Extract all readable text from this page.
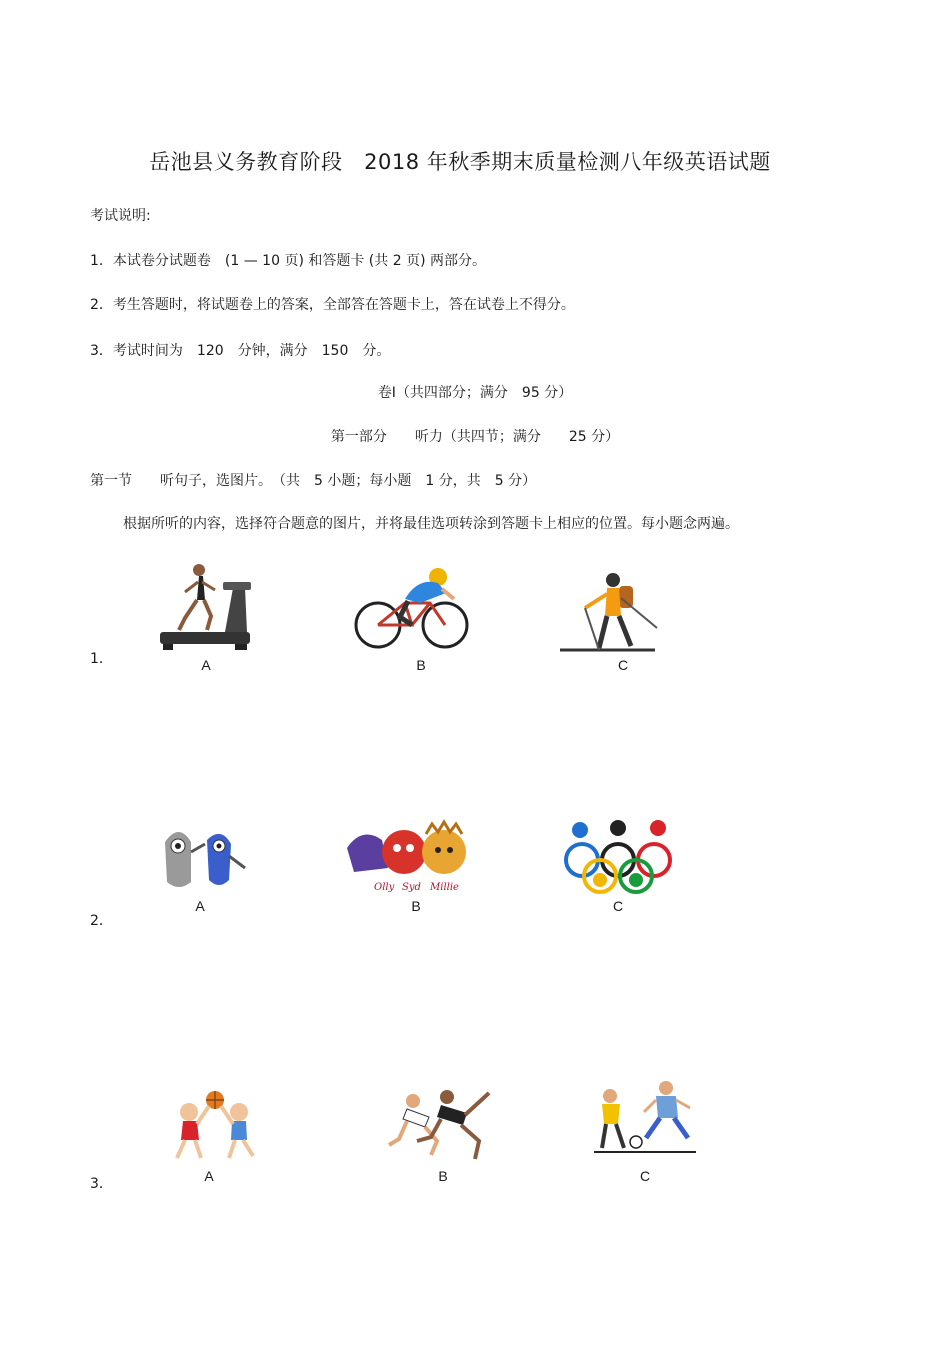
岳池县义务教育阶段　2018 年秋季期末质量检测八年级英语试题
考试说明:
1．本试卷分试题卷　(1 — 10 页) 和答题卡 (共 2 页) 两部分。
2．考生答题时，将试题卷上的答案，全部答在答题卡上，答在试卷上不得分。
3．考试时间为　120　分钟，满分　150　分。
卷Ⅰ（共四部分；满分　95 分）
第一部分　　听力（共四节；满分　　25 分）
第一节　　听句子，选图片。　（共　5 小题；每小题　1 分，共　5 分）
根据所听的内容，选择符合题意的图片，并将最佳选项转涂到答题卡上相应的位置。每小题念两遍。
1．	A	B	C
2．
A
Olly Syd Millie
B	C
3．	A	B	C
